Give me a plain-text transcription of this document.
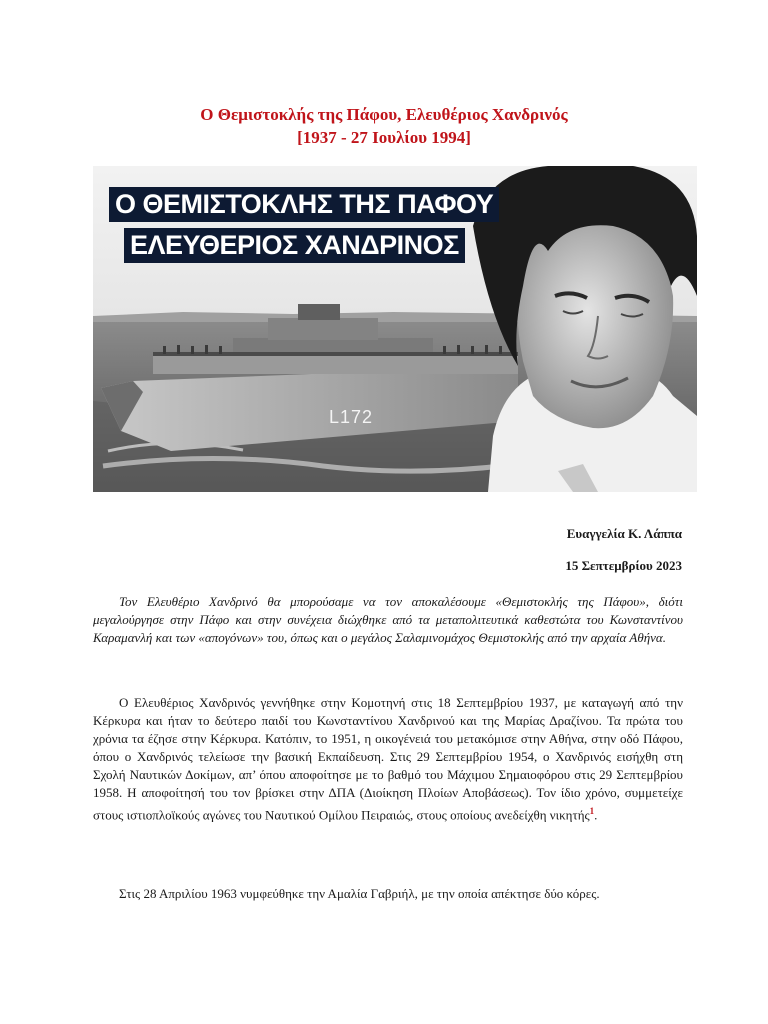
Ο Θεμιστοκλής της Πάφου, Ελευθέριος Χανδρινός
[1937 - 27 Ιουλίου 1994]
Ο ΘΕΜΙΣΤΟΚΛΗΣ ΤΗΣ ΠΑΦΟΥ
ΕΛΕΥΘΕΡΙΟΣ ΧΑΝΔΡΙΝΟΣ
L172
Ευαγγελία Κ. Λάππα
15 Σεπτεμβρίου 2023

Τον Ελευθέριο Χανδρινό θα μπορούσαμε να τον αποκαλέσουμε «Θεμιστοκλής της Πάφου», διότι μεγαλούργησε στην Πάφο και στην συνέχεια διώχθηκε από τα μεταπολιτευτικά καθεστώτα του Κωνσταντίνου Καραμανλή και των «απογόνων» του, όπως και ο μεγάλος Σαλαμινομάχος Θεμιστοκλής από την αρχαία Αθήνα.

Ο Ελευθέριος Χανδρινός γεννήθηκε στην Κομοτηνή στις 18 Σεπτεμβρίου 1937, με καταγωγή από την Κέρκυρα και ήταν το δεύτερο παιδί του Κωνσταντίνου Χανδρινού και της Μαρίας Δραζίνου. Τα πρώτα του χρόνια τα έζησε στην Κέρκυρα. Κατόπιν, το 1951, η οικογένειά του μετακόμισε στην Αθήνα, στην οδό Πάφου, όπου ο Χανδρινός τελείωσε την βασική Εκπαίδευση. Στις 29 Σεπτεμβρίου 1954, ο Χανδρινός εισήχθη στη Σχολή Ναυτικών Δοκίμων, απ’ όπου αποφοίτησε με το βαθμό του Μάχιμου Σημαιοφόρου στις 29 Σεπτεμβρίου 1958. Η αποφοίτησή του τον βρίσκει στην ΔΠΑ (Διοίκηση Πλοίων Αποβάσεως). Τον ίδιο χρόνο, συμμετείχε στους ιστιοπλοϊκούς αγώνες του Ναυτικού Ομίλου Πειραιώς, στους οποίους ανεδείχθη νικητής$^1$.

Στις 28 Απριλίου 1963 νυμφεύθηκε την Αμαλία Γαβριήλ, με την οποία απέκτησε δύο κόρες.
